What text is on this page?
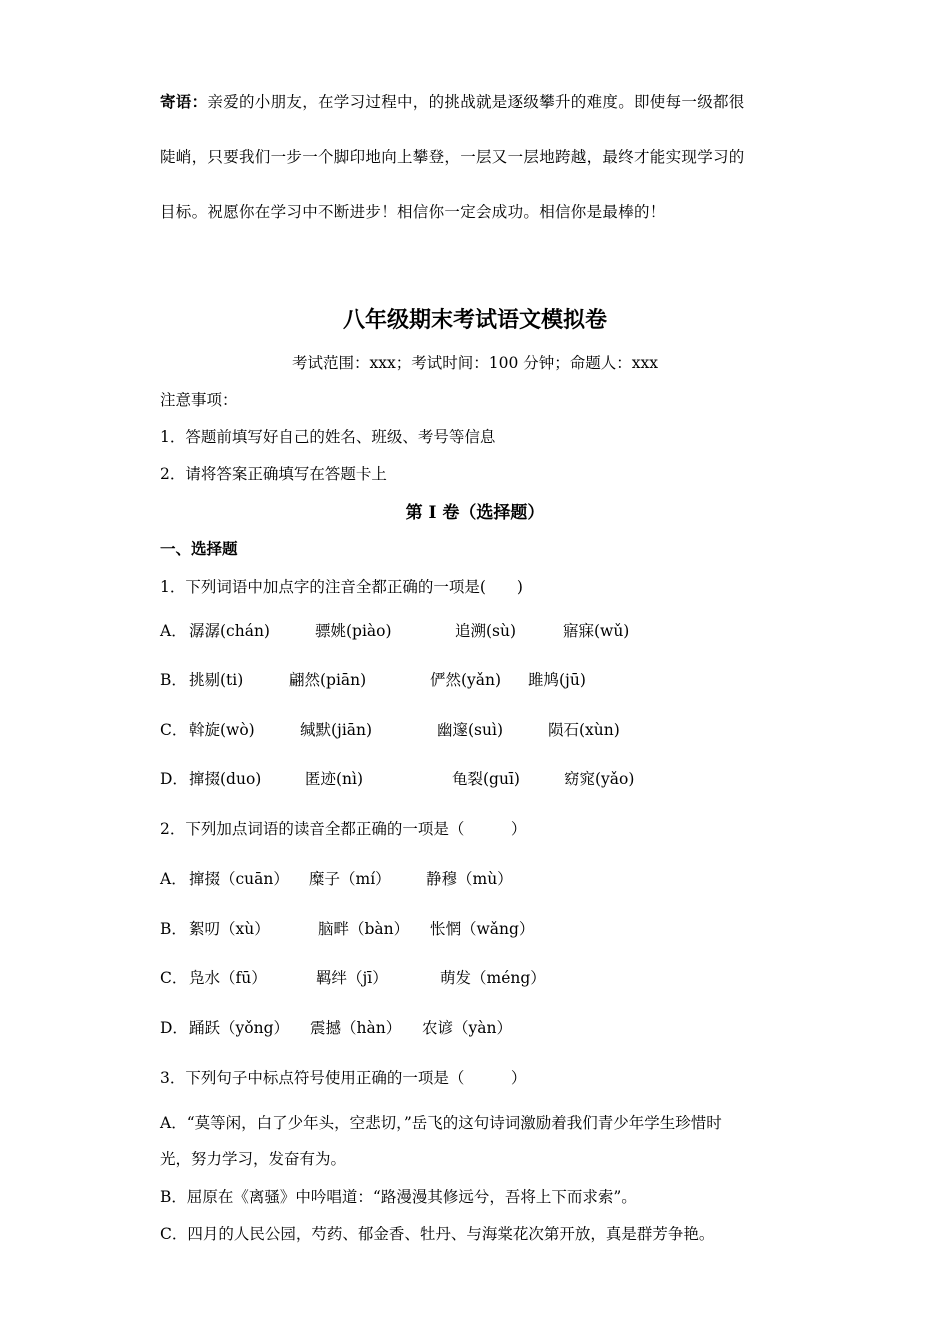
寄语：亲爱的小朋友，在学习过程中，的挑战就是逐级攀升的难度。即使每一级都很
陡峭，只要我们一步一个脚印地向上攀登，一层又一层地跨越，最终才能实现学习的
目标。祝愿你在学习中不断进步！相信你一定会成功。相信你是最棒的！
八年级期末考试语文模拟卷
考试范围：xxx；考试时间：100 分钟；命题人：xxx
注意事项：
1．答题前填写好自己的姓名、班级、考号等信息
2．请将答案正确填写在答题卡上
第 I 卷（选择题）
一、选择题
1．下列词语中加点字的注音全都正确的一项是(　　)
A． 潺潺(chán)	骠姚(piào)	追溯(sù)	寤寐(wǔ)
B． 挑剔(ti)	翩然(piān)	俨然(yǎn) 雎鸠(jū)
C． 斡旋(wò)	缄默(jiān)	幽邃(suì)	陨石(xùn)
D． 撺掇(duo)	匿迹(nì)	龟裂(guī)	窈窕(yǎo)
2．下列加点词语的读音全都正确的一项是（　　　）
A． 撺掇（cuān） 糜子（mí） 静穆（mù）
B． 絮叨（xù）	脑畔（bàn） 怅惘（wǎng）
C． 凫水（fū）	羁绊（jī）	萌发（méng）
D． 踊跃（yǒng） 震撼（hàn） 农谚（yàn）
3．下列句子中标点符号使用正确的一项是（　　　）
A．“莫等闲，白了少年头，空悲切，”岳飞的这句诗词激励着我们青少年学生珍惜时
光，努力学习，发奋有为。
B．屈原在《离骚》中吟唱道：“路漫漫其修远兮，吾将上下而求索”。
C．四月的人民公园，芍药、郁金香、牡丹、与海棠花次第开放，真是群芳争艳。
